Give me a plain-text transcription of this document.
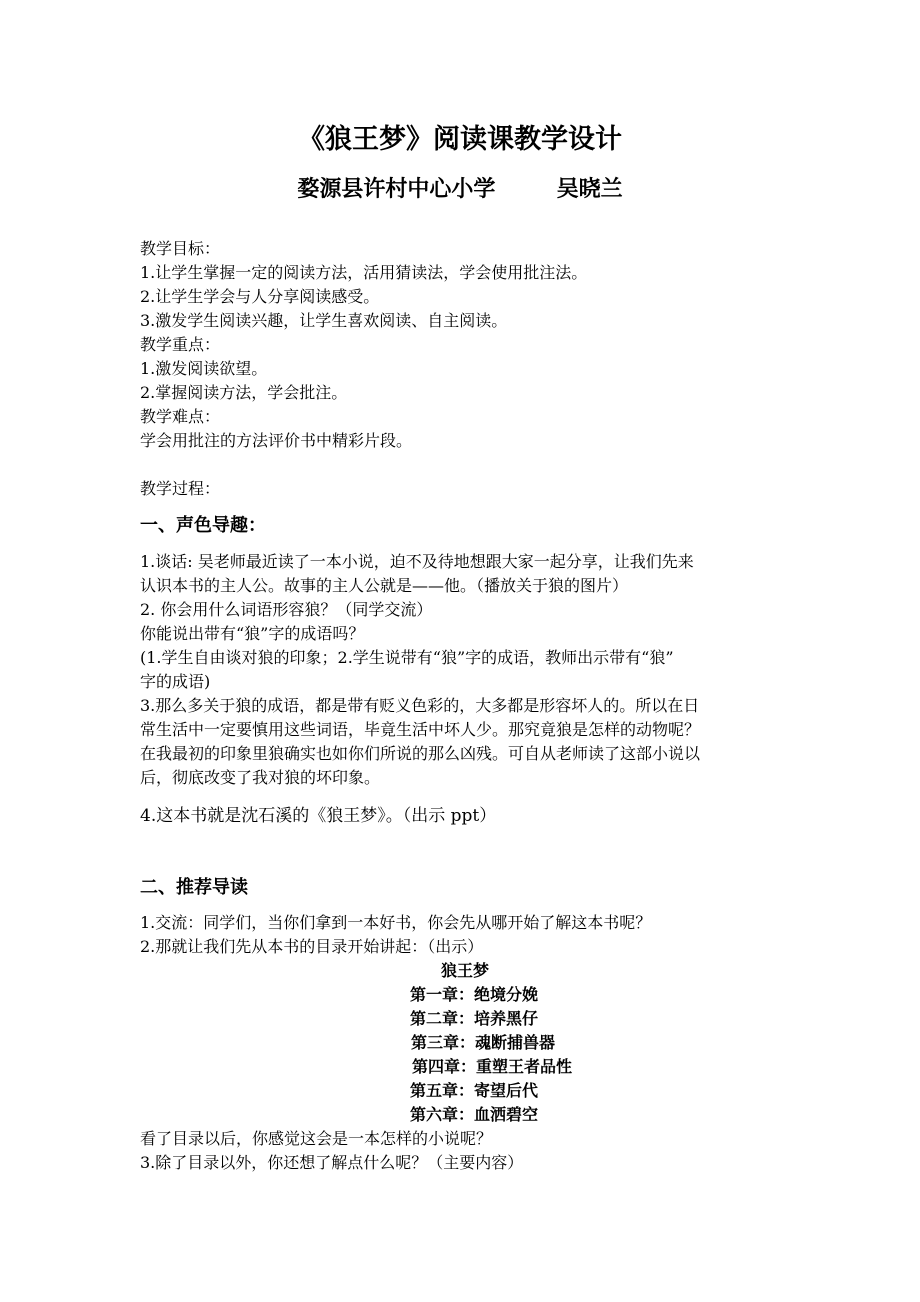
《狼王梦》阅读课教学设计
婺源县许村中心小学        吴晓兰
教学目标：
1.让学生掌握一定的阅读方法，活用猜读法，学会使用批注法。
2.让学生学会与人分享阅读感受。
3.激发学生阅读兴趣，让学生喜欢阅读、自主阅读。
教学重点：
1.激发阅读欲望。
2.掌握阅读方法，学会批注。
教学难点：
学会用批注的方法评价书中精彩片段。
教学过程：
一、声色导趣：
1.谈话: 吴老师最近读了一本小说，迫不及待地想跟大家一起分享，让我们先来
认识本书的主人公。故事的主人公就是——他。（播放关于狼的图片）
2. 你会用什么词语形容狼？（同学交流）
你能说出带有“狼”字的成语吗？
(1.学生自由谈对狼的印象；2.学生说带有“狼”字的成语，教师出示带有“狼”
字的成语)
3.那么多关于狼的成语，都是带有贬义色彩的，大多都是形容坏人的。所以在日
常生活中一定要慎用这些词语，毕竟生活中坏人少。那究竟狼是怎样的动物呢？
在我最初的印象里狼确实也如你们所说的那么凶残。可自从老师读了这部小说以
后，彻底改变了我对狼的坏印象。
4.这本书就是沈石溪的《狼王梦》。（出示 ppt）
二、推荐导读
1.交流：同学们，当你们拿到一本好书，你会先从哪开始了解这本书呢？
2.那就让我们先从本书的目录开始讲起：（出示）
狼王梦
第一章：绝境分娩
第二章：培养黑仔
第三章：魂断捕兽器
第四章：重塑王者品性
第五章：寄望后代
第六章：血洒碧空
看了目录以后，你感觉这会是一本怎样的小说呢？
3.除了目录以外，你还想了解点什么呢？（主要内容）
